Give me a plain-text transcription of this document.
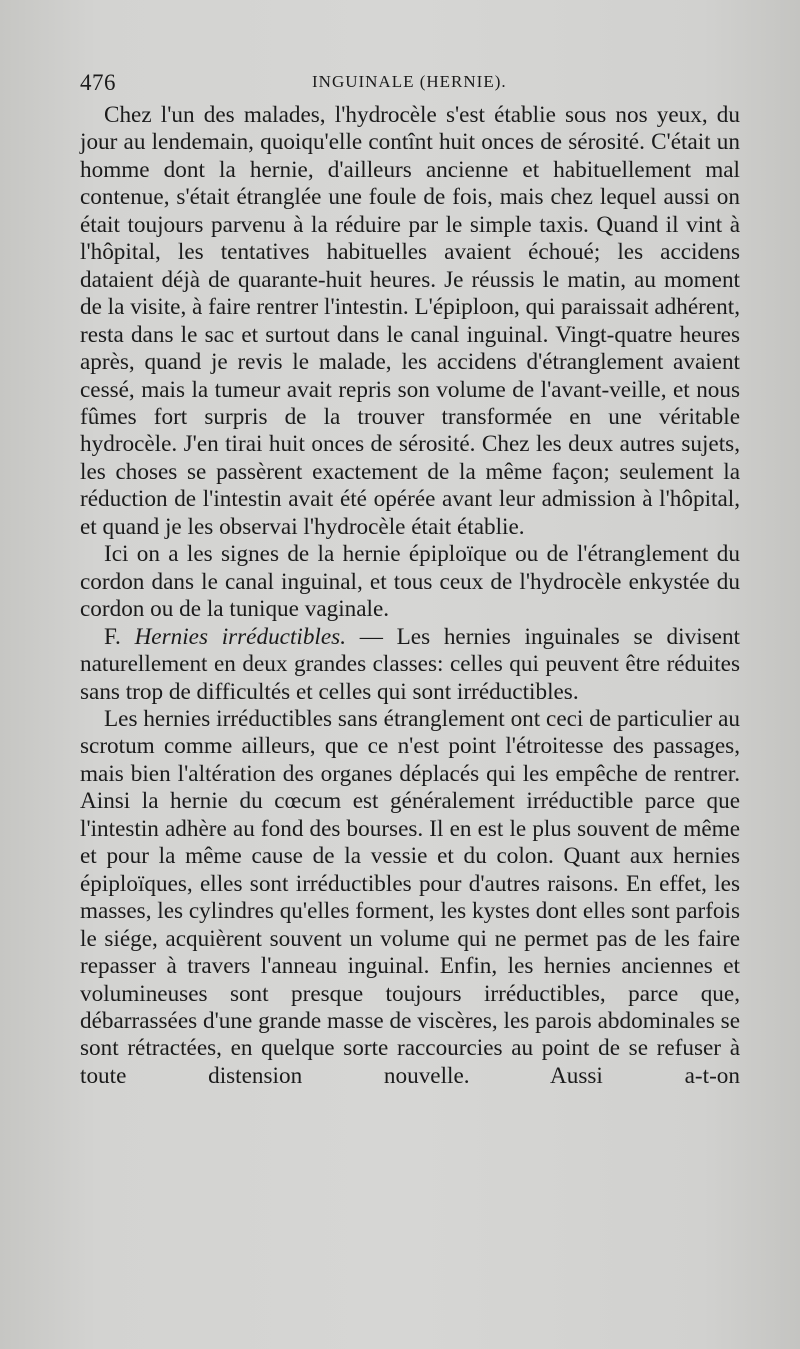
476	INGUINALE (HERNIE).

Chez l'un des malades, l'hydrocèle s'est établie sous nos yeux, du jour au lendemain, quoiqu'elle contînt huit onces de sérosité. C'était un homme dont la hernie, d'ailleurs ancienne et habituellement mal contenue, s'était étranglée une foule de fois, mais chez lequel aussi on était toujours parvenu à la réduire par le simple taxis. Quand il vint à l'hôpital, les tentatives habituelles avaient échoué; les accidens dataient déjà de quarante-huit heures. Je réussis le matin, au moment de la visite, à faire rentrer l'intestin. L'épiploon, qui paraissait adhérent, resta dans le sac et surtout dans le canal inguinal. Vingt-quatre heures après, quand je revis le malade, les accidens d'étranglement avaient cessé, mais la tumeur avait repris son volume de l'avant-veille, et nous fûmes fort surpris de la trouver transformée en une véritable hydrocèle. J'en tirai huit onces de sérosité. Chez les deux autres sujets, les choses se passèrent exactement de la même façon; seulement la réduction de l'intestin avait été opérée avant leur admission à l'hôpital, et quand je les observai l'hydrocèle était établie.

Ici on a les signes de la hernie épiploïque ou de l'étranglement du cordon dans le canal inguinal, et tous ceux de l'hydrocèle enkystée du cordon ou de la tunique vaginale.

F. Hernies irréductibles. — Les hernies inguinales se divisent naturellement en deux grandes classes: celles qui peuvent être réduites sans trop de difficultés et celles qui sont irréductibles.

Les hernies irréductibles sans étranglement ont ceci de particulier au scrotum comme ailleurs, que ce n'est point l'étroitesse des passages, mais bien l'altération des organes déplacés qui les empêche de rentrer. Ainsi la hernie du cœcum est généralement irréductible parce que l'intestin adhère au fond des bourses. Il en est le plus souvent de même et pour la même cause de la vessie et du colon. Quant aux hernies épiploïques, elles sont irréductibles pour d'autres raisons. En effet, les masses, les cylindres qu'elles forment, les kystes dont elles sont parfois le siége, acquièrent souvent un volume qui ne permet pas de les faire repasser à travers l'anneau inguinal. Enfin, les hernies anciennes et volumineuses sont presque toujours irréductibles, parce que, débarrassées d'une grande masse de viscères, les parois abdominales se sont rétractées, en quelque sorte raccourcies au point de se refuser à toute distension nouvelle. Aussi a-t-on
